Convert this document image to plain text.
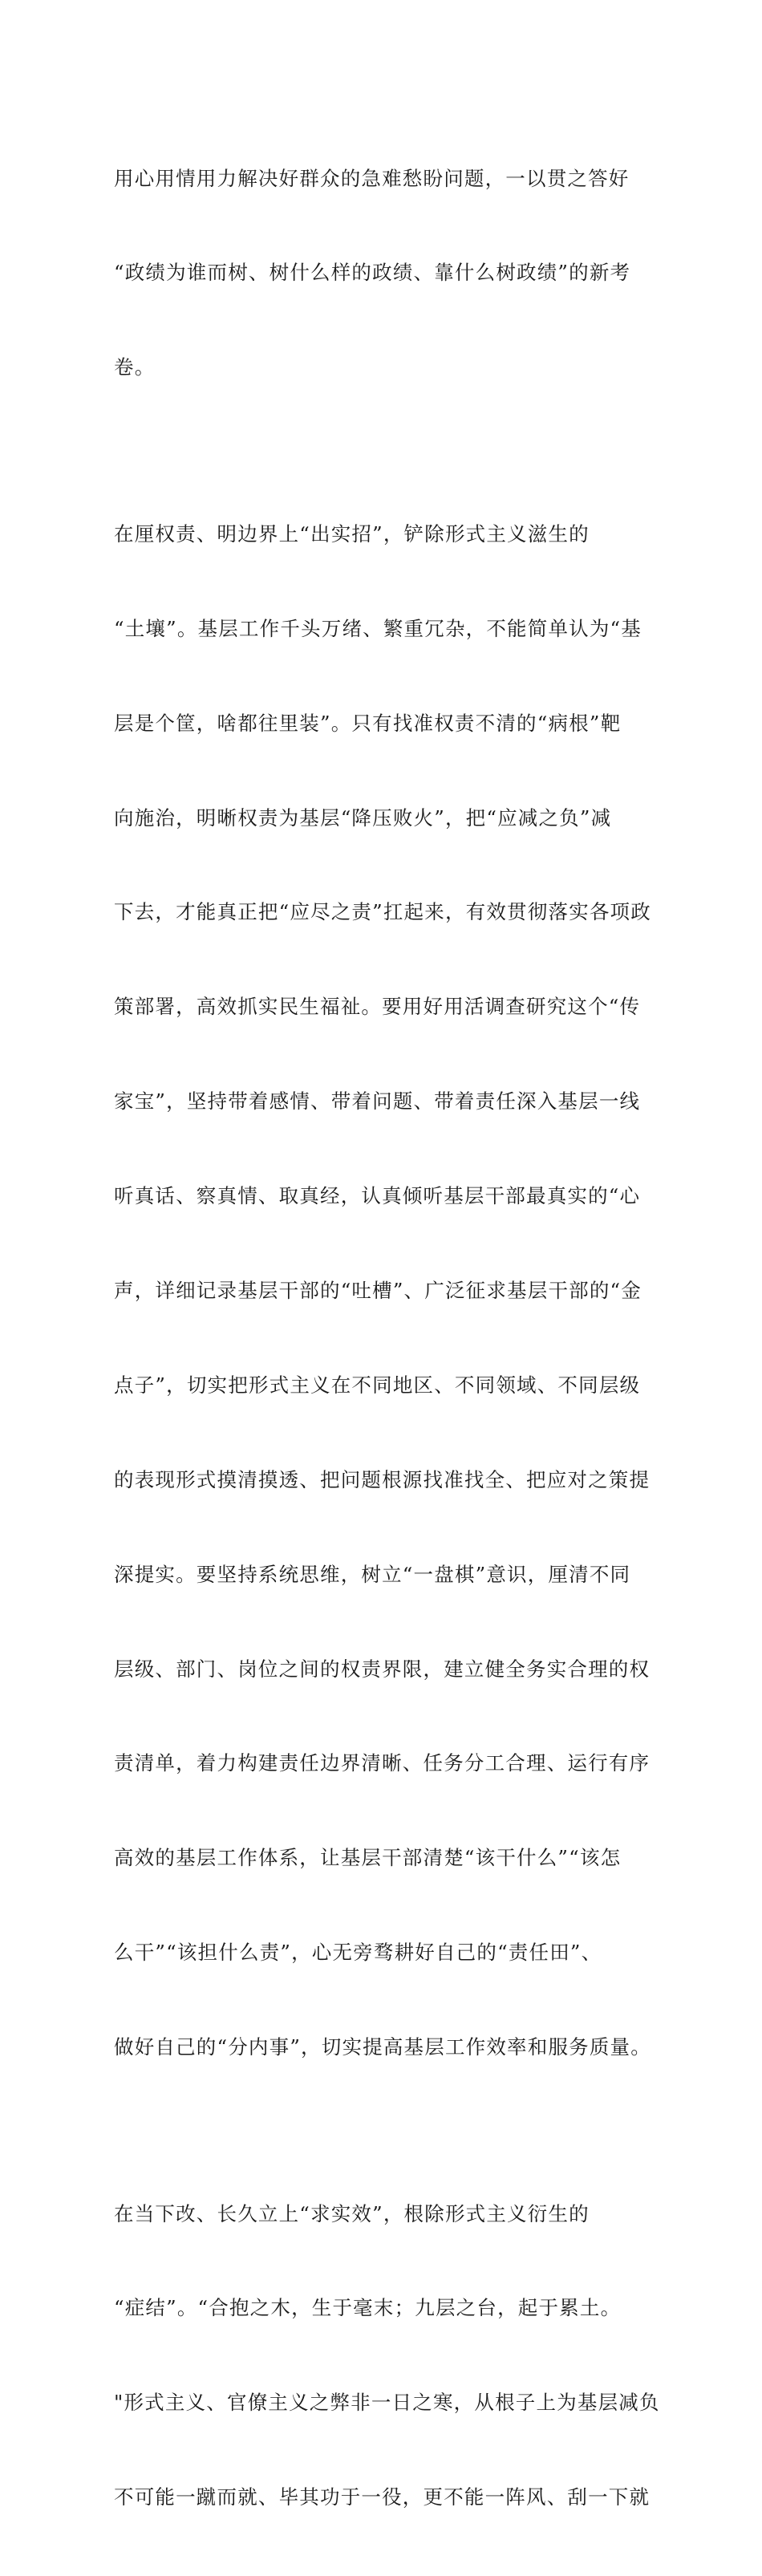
用心用情用力解决好群众的急难愁盼问题，一以贯之答好

“政绩为谁而树、树什么样的政绩、靠什么树政绩”的新考

卷。

在厘权责、明边界上“出实招”，铲除形式主义滋生的

“土壤”。基层工作千头万绪、繁重冗杂，不能简单认为“基

层是个筐，啥都往里装”。只有找准权责不清的“病根”靶

向施治，明晰权责为基层“降压败火”，把“应减之负”减

下去，才能真正把“应尽之责”扛起来，有效贯彻落实各项政

策部署，高效抓实民生福祉。要用好用活调查研究这个“传

家宝”，坚持带着感情、带着问题、带着责任深入基层一线

听真话、察真情、取真经，认真倾听基层干部最真实的“心

声，详细记录基层干部的“吐槽”、广泛征求基层干部的“金

点子”，切实把形式主义在不同地区、不同领域、不同层级

的表现形式摸清摸透、把问题根源找准找全、把应对之策提

深提实。要坚持系统思维，树立“一盘棋”意识，厘清不同

层级、部门、岗位之间的权责界限，建立健全务实合理的权

责清单，着力构建责任边界清晰、任务分工合理、运行有序

高效的基层工作体系，让基层干部清楚“该干什么”“该怎

么干”“该担什么责”，心无旁骛耕好自己的“责任田”、

做好自己的“分内事”，切实提高基层工作效率和服务质量。

在当下改、长久立上“求实效”，根除形式主义衍生的

“症结”。“合抱之木，生于毫末；九层之台，起于累土。

"形式主义、官僚主义之弊非一日之寒，从根子上为基层减负

不可能一蹴而就、毕其功于一役，更不能一阵风、刮一下就
